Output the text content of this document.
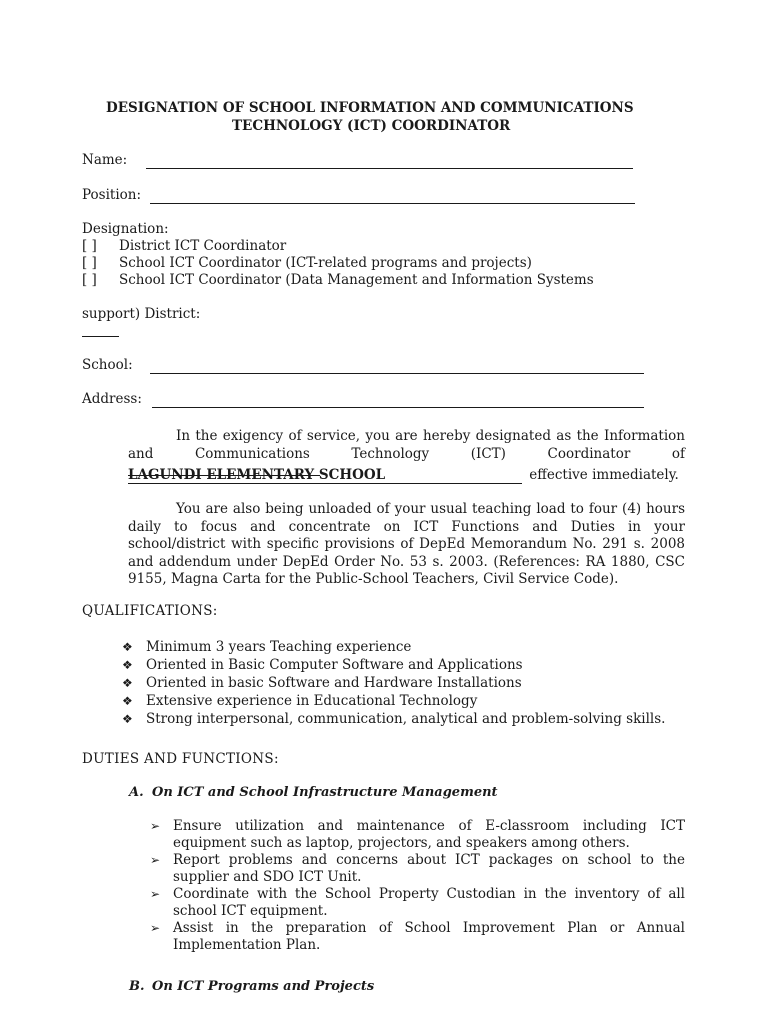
DESIGNATION OF SCHOOL INFORMATION AND COMMUNICATIONS
TECHNOLOGY (ICT) COORDINATOR
Name:
Position:
Designation:
[ ] District ICT Coordinator
[ ] School ICT Coordinator (ICT-related programs and projects)
[ ] School ICT Coordinator (Data Management and Information Systems
support) District:
School:
Address:
In the exigency of service, you are hereby designated as the Information and Communications Technology (ICT) Coordinator of
LAGUNDI ELEMENTARY SCHOOL	effective immediately.
You are also being unloaded of your usual teaching load to four (4) hours daily to focus and concentrate on ICT Functions and Duties in your school/district with specific provisions of DepEd Memorandum No. 291 s. 2008 and addendum under DepEd Order No. 53 s. 2003. (References: RA 1880, CSC 9155, Magna Carta for the Public-School Teachers, Civil Service Code).
QUALIFICATIONS:
❖ Minimum 3 years Teaching experience
❖ Oriented in Basic Computer Software and Applications
❖ Oriented in basic Software and Hardware Installations
❖ Extensive experience in Educational Technology
❖ Strong interpersonal, communication, analytical and problem-solving skills.
DUTIES AND FUNCTIONS:
A. On ICT and School Infrastructure Management
➢ Ensure utilization and maintenance of E-classroom including ICT equipment such as laptop, projectors, and speakers among others.
➢ Report problems and concerns about ICT packages on school to the supplier and SDO ICT Unit.
➢ Coordinate with the School Property Custodian in the inventory of all school ICT equipment.
➢ Assist in the preparation of School Improvement Plan or Annual Implementation Plan.
B. On ICT Programs and Projects
